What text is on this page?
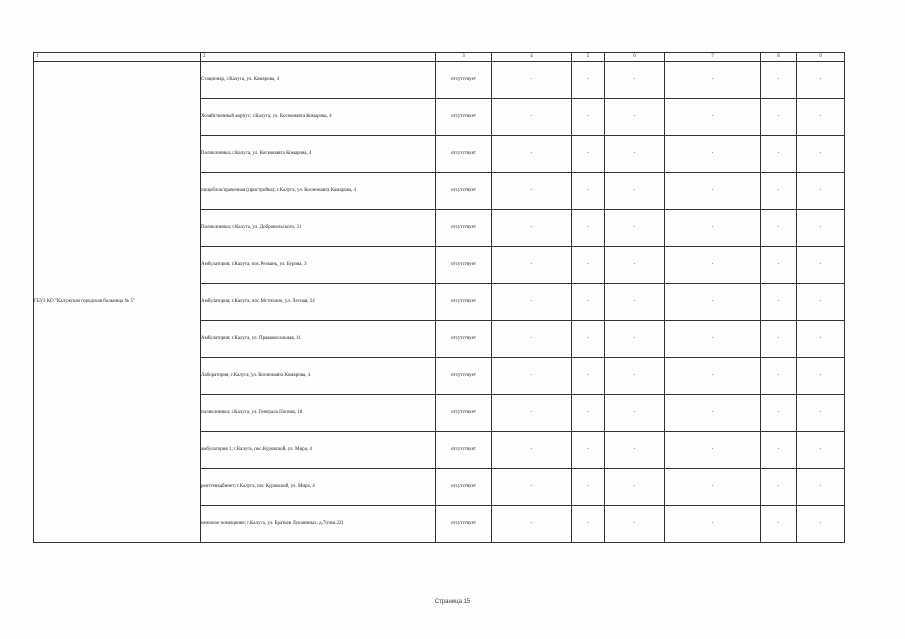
1	2	3	4	5	6	7	8	9
ГБУЗ КО "Калужская городская больница № 5"	Стационар, г.Калуга, ул. Комарова, 4	отсутствует	-	-	-	-	-	-
	Хозяйственный корпус; г.Калуга, ул. Космонавта Комарова, 4	отсутствует	-	-	-	-	-	-
	Поликлиника; г.Калуга, ул. Космонавта Комарова, 4	отсутствует	-	-	-	-	-	-
	пищеблок/прачечная (пристройка); г.Калуга, ул. Космонавта Комарова, 4	отсутствует	-	-	-	-	-	-
	Поликлиника; г.Калуга, ул. Добровольского, 31	отсутствует	-	-	-	-	-	-
	Амбулатория; г.Калуга, пос.Резвань, ул. Бурова, 3	отсутствует	-	-	-	-	-	-
	Амбулатория; г.Калуга, пос.Мстихино, ул. Лесная, 24	отсутствует	-	-	-	-	-	-
	Амбулатория; г.Калуга, ул. Правовосальная, 11	отсутствует	-	-	-	-	-	-
	Лаборатория; г.Калуга, ул. Космонавта Комарова, 4	отсутствует	-	-	-	-	-	-
	поликлиника; г.Калуга, ул. Генерала Попова, 18	отсутствует	-	-	-	-	-	-
	амбулатория 1; г.Калуга, пос.Куровской, ул. Мира, 4	отсутствует	-	-	-	-	-	-
	рентгенкабинет; г.Калуга, пос Куровской, ул. Мира, 4	отсутствует	-	-	-	-	-	-
	нежилое помещение; г.Калуга, ул. Братьев Луканиных, д.7(пом.22)	отсутствует	-	-	-	-	-	-
Страница 15
